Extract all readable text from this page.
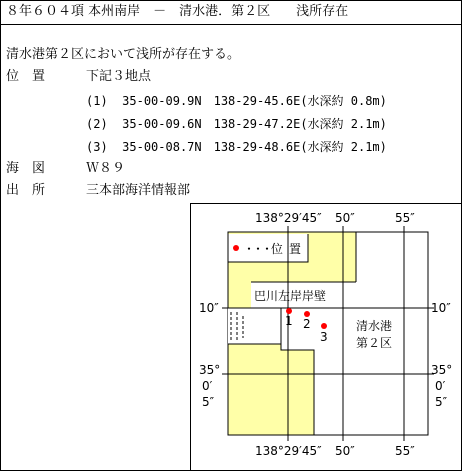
８年６０４項 本州南岸　－　清水港．第２区　　浅所存在
清水港第２区において浅所が存在する。
位　置	下記３地点
(1) 35-00-09.9N　138-29-45.6E(水深約 0.8m)
(2) 35-00-09.6N　138-29-47.2E(水深約 2.1m)
(3) 35-00-08.7N　138-29-48.6E(水深約 2.1m)
海　図	Ｗ８９
出　所	三本部海洋情報部
・・・ 位　置
138°29′45″ 50″	55″
138°29′45″ 50″	55″
10″
35°
0′
5″
10″
35°
0′
5″
巴川左岸岸壁
1 2
3
清水港
第２区
